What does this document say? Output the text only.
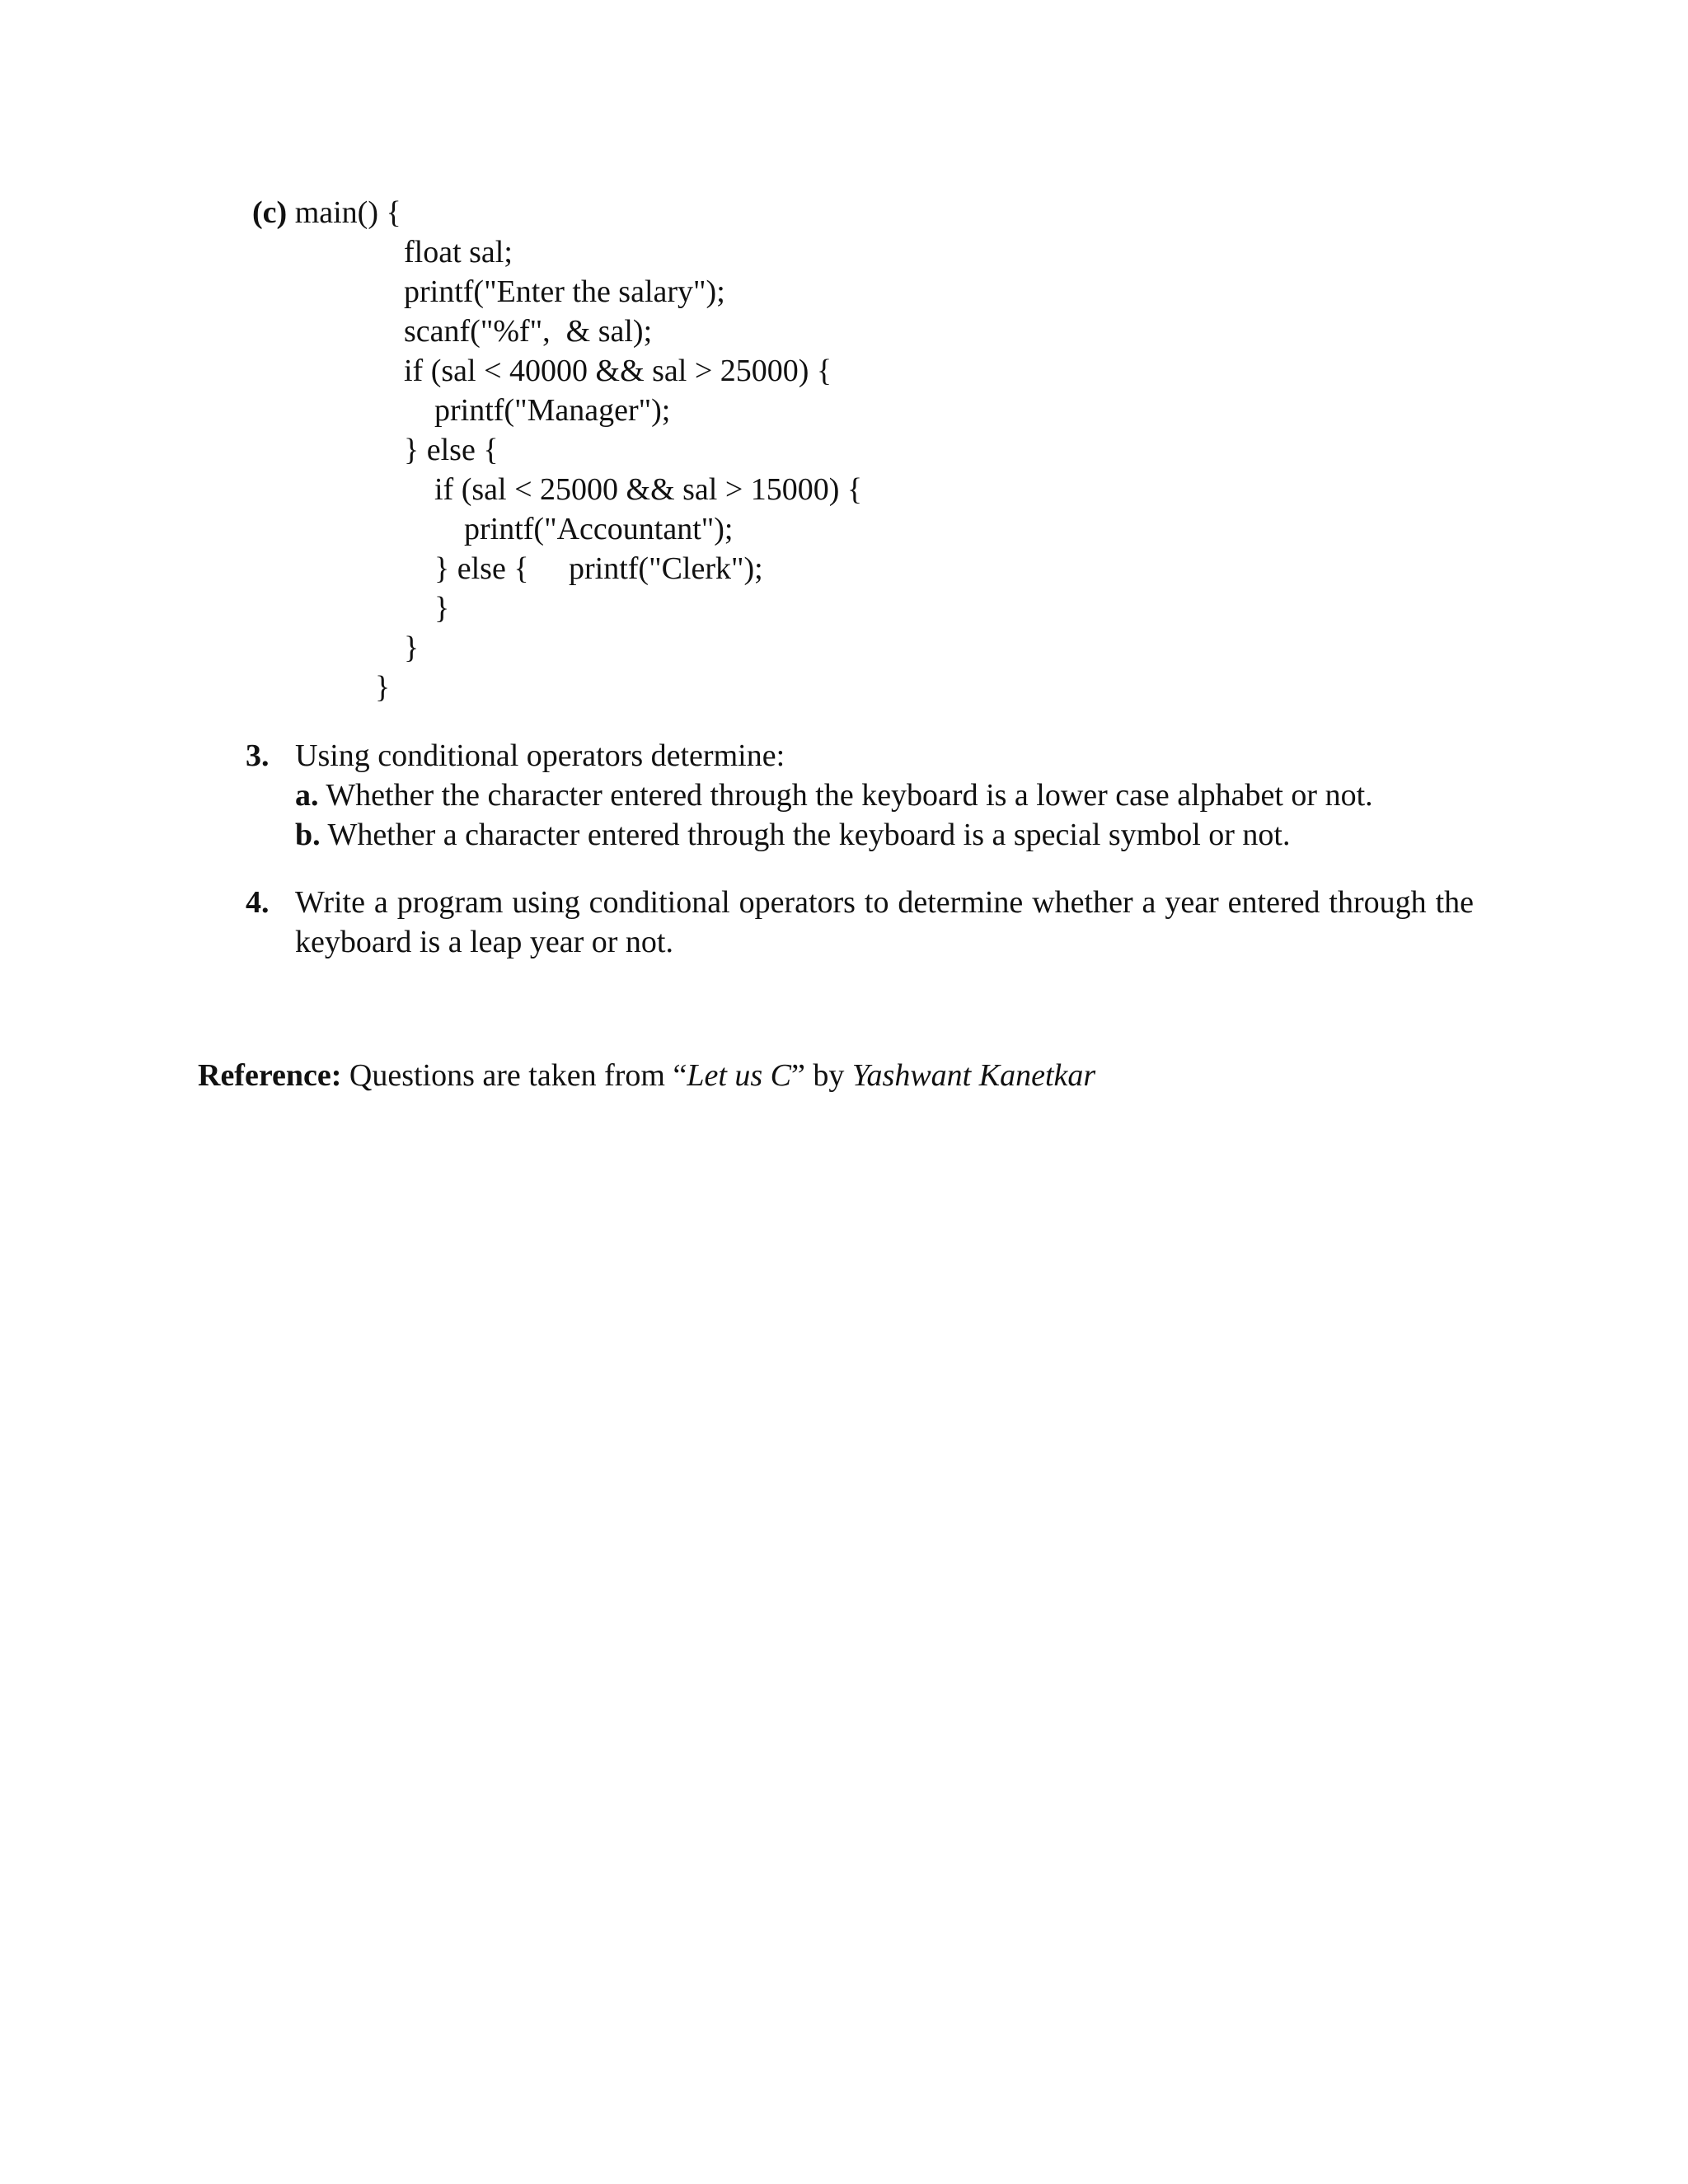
(c) main() {
float sal;
printf("Enter the salary");
scanf("%f",  & sal);
if (sal < 40000 && sal > 25000) {
printf("Manager");
} else {
if (sal < 25000 && sal > 15000) {
printf("Accountant");
} else { printf("Clerk");
}
}
}
3. Using conditional operators determine:
a. Whether the character entered through the keyboard is a lower case alphabet or not.
b. Whether a character entered through the keyboard is a special symbol or not.
4. Write a program using conditional operators to determine whether a year entered through the keyboard is a leap year or not.
Reference: Questions are taken from “Let us C” by Yashwant Kanetkar
